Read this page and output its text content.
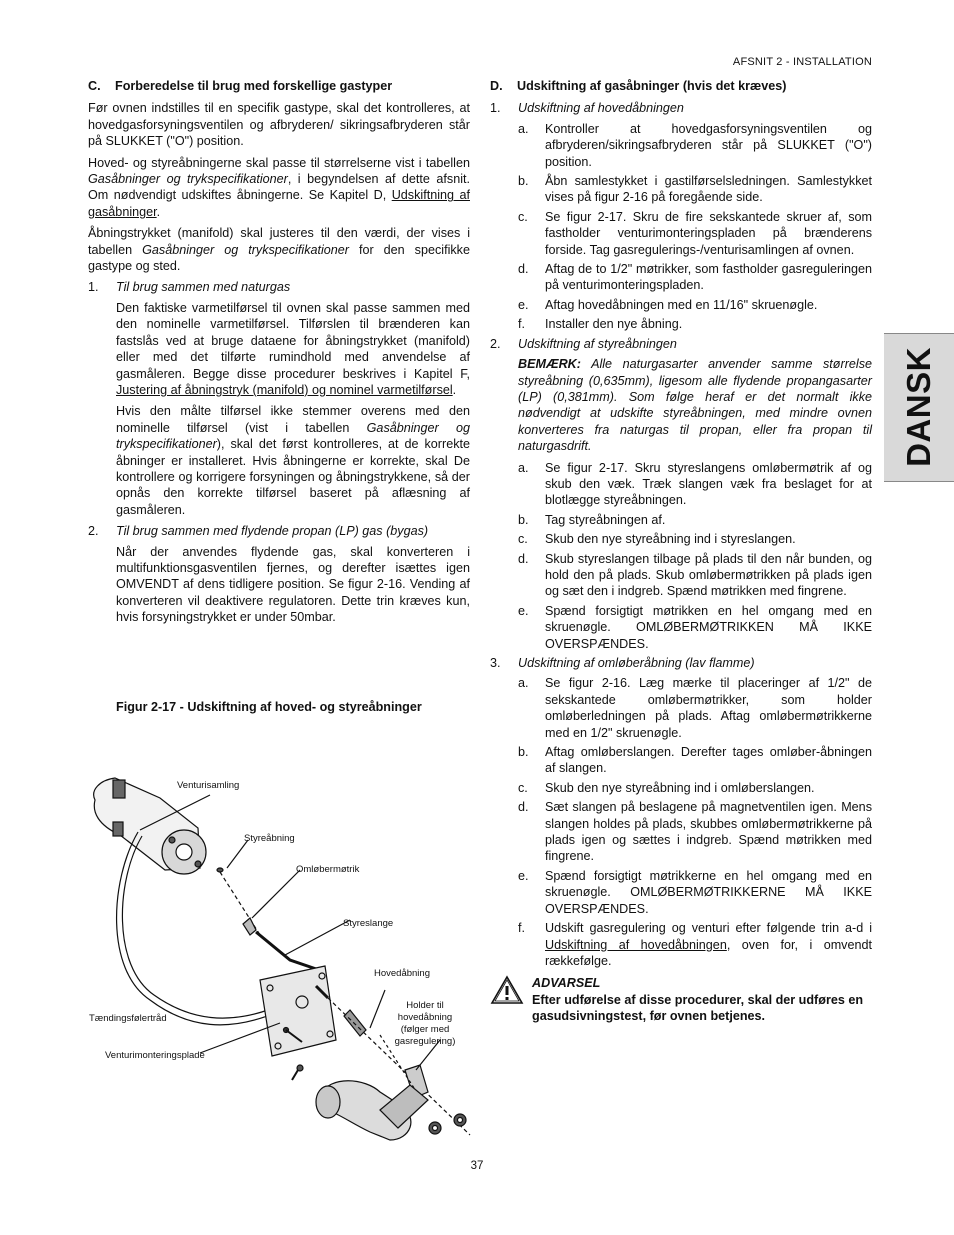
AFSNIT 2 - INSTALLATION
DANSK
C. Forberedelse til brug med forskellige gastyper

Før ovnen indstilles til en specifik gastype, skal det kontrolleres, at hovedgasforsyningsventilen og afbryderen/ sikringsafbryderen står på SLUKKET ("O") position.

Hoved- og styreåbningerne skal passe til størrelserne vist i tabellen Gasåbninger og trykspecifikationer, i begyndelsen af dette afsnit. Om nødvendigt udskiftes åbningerne. Se Kapitel D, Udskiftning af gasåbninger.

Åbningstrykket (manifold) skal justeres til den værdi, der vises i tabellen Gasåbninger og trykspecifikationer for den specifikke gastype og sted.

1. Til brug sammen med naturgas

Den faktiske varmetilførsel til ovnen skal passe sammen med den nominelle varmetilførsel. Tilførslen til brænderen kan fastslås ved at bruge dataene for åbningstrykket (manifold) eller med det tilførte rumindhold med anvendelse af gasmåleren. Begge disse procedurer beskrives i Kapitel F, Justering af åbningstryk (manifold) og nominel varmetilførsel.

Hvis den målte tilførsel ikke stemmer overens med den nominelle tilførsel (vist i tabellen Gasåbninger og trykspecifikationer), skal det først kontrolleres, at de korrekte åbninger er installeret. Hvis åbningerne er korrekte, skal De kontrollere og korrigere forsyningen og åbningstrykkene, så der opnås den korrekte tilførsel baseret på aflæsning af gasmåleren.

2. Til brug sammen med flydende propan (LP) gas (bygas)

Når der anvendes flydende gas, skal konverteren i multifunktionsgasventilen fjernes, og derefter isættes igen OMVENDT af dens tidligere position. Se figur 2-16. Vending af konverteren vil deaktivere regulatoren. Dette trin kræves kun, hvis forsyningstrykket er under 50mbar.

Figur 2-17 - Udskiftning af hoved- og styreåbninger
Venturisamling
Styreåbning
Omløbermøtrik
Styreslange
Hovedåbning
Holder til
hovedåbning
(følger med
gasregulering)
Tændingsfølertråd
Venturimonteringsplade
D. Udskiftning af gasåbninger (hvis det kræves)
1. Udskiftning af hovedåbningen
a. Kontroller at hovedgasforsyningsventilen og afbryderen/sikringsafbryderen står på SLUKKET ("O") position.
b. Åbn samlestykket i gastilførselsledningen. Samlestykket vises på figur 2-16 på foregående side.
c. Se figur 2-17. Skru de fire sekskantede skruer af, som fastholder venturimonteringspladen på brænderens forside. Tag gasregulerings-/venturisamlingen af ovnen.
d. Aftag de to 1/2" møtrikker, som fastholder gasreguleringen på venturimonteringspladen.
e. Aftag hovedåbningen med en 11/16" skruenøgle.
f. Installer den nye åbning.
2. Udskiftning af styreåbningen

BEMÆRK: Alle naturgasarter anvender samme størrelse styreåbning (0,635mm), ligesom alle flydende propangasarter (LP) (0,381mm). Som følge heraf er det normalt ikke nødvendigt at udskifte styreåbningen, med mindre ovnen konverteres fra naturgas til propan, eller fra propan til naturgasdrift.

a. Se figur 2-17. Skru styreslangens omløbermøtrik af og skub den væk. Træk slangen væk fra beslaget for at blotlægge styreåbningen.
b. Tag styreåbningen af.
c. Skub den nye styreåbning ind i styreslangen.
d. Skub styreslangen tilbage på plads til den når bunden, og hold den på plads. Skub omløbermøtrikken på plads igen og sæt den i indgreb. Spænd møtrikken med fingrene.
e. Spænd forsigtigt møtrikken en hel omgang med en skruenøgle. OMLØBERMØTRIKKEN MÅ IKKE OVERSPÆNDES.
3. Udskiftning af omløberåbning (lav flamme)
a. Se figur 2-16. Læg mærke til placeringer af 1/2" de sekskantede omløbermøtrikker, som holder omløberledningen på plads. Aftag omløbermøtrikkerne med en 1/2" skruenøgle.
b. Aftag omløberslangen. Derefter tages omløber-åbningen af slangen.
c. Skub den nye styreåbning ind i omløberslangen.
d. Sæt slangen på beslagene på magnetventilen igen. Mens slangen holdes på plads, skubbes omløbermøtrikkerne på plads igen og sættes i indgreb. Spænd møtrikken med fingrene.
e. Spænd forsigtigt møtrikkerne en hel omgang med en skruenøgle. OMLØBERMØTRIKKERNE MÅ IKKE OVERSPÆNDES.
f. Udskift gasregulering og venturi efter følgende trin a-d i Udskiftning af hovedåbningen, oven for, i omvendt rækkefølge.
ADVARSEL
Efter udførelse af disse procedurer, skal der udføres en gasudsivningstest, før ovnen betjenes.
37
